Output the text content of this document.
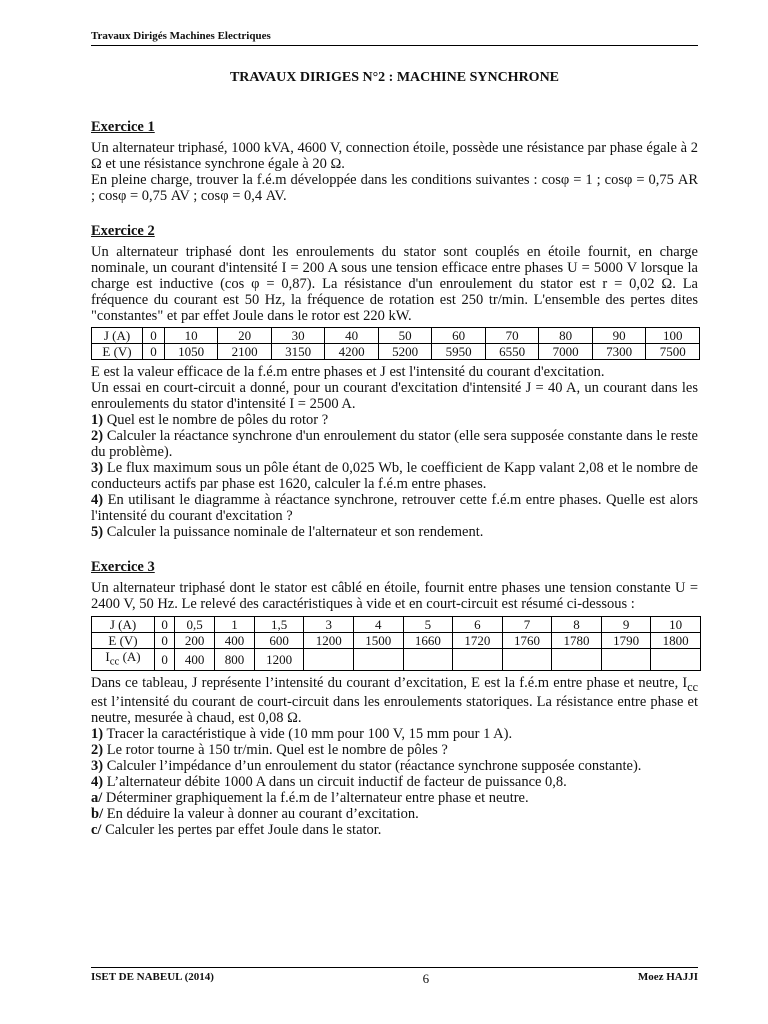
Travaux Dirigés Machines Electriques
TRAVAUX DIRIGES N°2 : MACHINE SYNCHRONE
Exercice 1

Un alternateur triphasé, 1000 kVA, 4600 V, connection étoile, possède une résistance par phase égale à 2 Ω et une résistance synchrone égale à 20 Ω.

En pleine charge, trouver la f.é.m développée dans les conditions suivantes : cosφ = 1 ; cosφ = 0,75 AR ; cosφ = 0,75 AV ; cosφ = 0,4 AV.

Exercice 2

Un alternateur triphasé dont les enroulements du stator sont couplés en étoile fournit, en charge nominale, un courant d'intensité I = 200 A sous une tension efficace entre phases U = 5000 V lorsque la charge est inductive (cos φ = 0,87). La résistance d'un enroulement du stator est r = 0,02 Ω. La fréquence du courant est 50 Hz, la fréquence de rotation est 250 tr/min. L'ensemble des pertes dites "constantes" et par effet Joule dans le rotor est 220 kW.

J (A)	0	10	20	30	40	50	60	70	80	90	100
E (V)	0	1050	2100	3150	4200	5200	5950	6550	7000	7300	7500

E est la valeur efficace de la f.é.m entre phases et J est l'intensité du courant d'excitation.

Un essai en court-circuit a donné, pour un courant d'excitation d'intensité J = 40 A, un courant dans les enroulements du stator d'intensité I = 2500 A.

1) Quel est le nombre de pôles du rotor ?

2) Calculer la réactance synchrone d'un enroulement du stator (elle sera supposée constante dans le reste du problème).

3) Le flux maximum sous un pôle étant de 0,025 Wb, le coefficient de Kapp valant 2,08 et le nombre de conducteurs actifs par phase est 1620, calculer la f.é.m entre phases.

4) En utilisant le diagramme à réactance synchrone, retrouver cette f.é.m entre phases. Quelle est alors l'intensité du courant d'excitation ?

5) Calculer la puissance nominale de l'alternateur et son rendement.

Exercice 3

Un alternateur triphasé dont le stator est câblé en étoile, fournit entre phases une tension constante U = 2400 V, 50 Hz. Le relevé des caractéristiques à vide et en court-circuit est résumé ci-dessous :

J (A)	0	0,5	1	1,5	3	4	5	6	7	8	9	10
E (V)	0	200	400	600	1200	1500	1660	1720	1760	1780	1790	1800
$I_{cc}$ (A)	0	400	800	1200								

Dans ce tableau, J représente l’intensité du courant d’excitation, E est la f.é.m entre phase et neutre, $I_{cc}$ est l’intensité du courant de court-circuit dans les enroulements statoriques. La résistance entre phase et neutre, mesurée à chaud, est 0,08 Ω.

1) Tracer la caractéristique à vide (10 mm pour 100 V, 15 mm pour 1 A).

2) Le rotor tourne à 150 tr/min. Quel est le nombre de pôles ?

3) Calculer l’impédance d’un enroulement du stator (réactance synchrone supposée constante).

4) L’alternateur débite 1000 A dans un circuit inductif de facteur de puissance 0,8.

a/ Déterminer graphiquement la f.é.m de l’alternateur entre phase et neutre.

b/ En déduire la valeur à donner au courant d’excitation.

c/ Calculer les pertes par effet Joule dans le stator.

ISET DE NABEUL (2014)	6	Moez HAJJI
